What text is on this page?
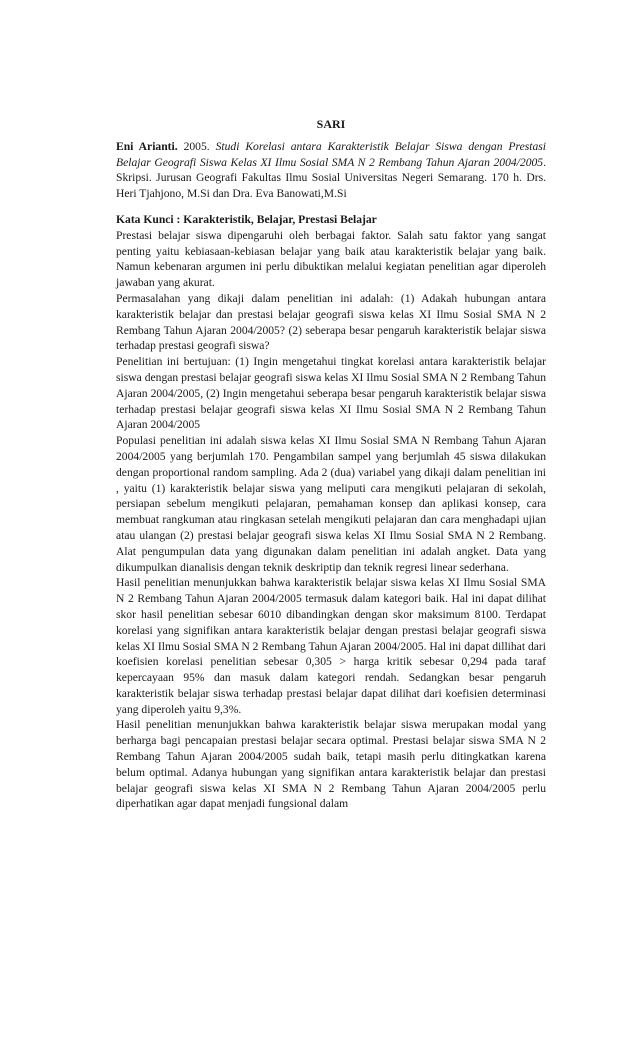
SARI

Eni Arianti. 2005. Studi Korelasi antara Karakteristik Belajar Siswa dengan Prestasi Belajar Geografi Siswa Kelas XI Ilmu Sosial SMA N 2 Rembang Tahun Ajaran 2004/2005. Skripsi. Jurusan Geografi Fakultas Ilmu Sosial Universitas Negeri Semarang. 170 h. Drs. Heri Tjahjono, M.Si dan Dra. Eva Banowati,M.Si

Kata Kunci : Karakteristik, Belajar, Prestasi Belajar

Prestasi belajar siswa dipengaruhi oleh berbagai faktor. Salah satu faktor yang sangat penting yaitu kebiasaan-kebiasan belajar yang baik atau karakteristik belajar yang baik. Namun kebenaran argumen ini perlu dibuktikan melalui kegiatan penelitian agar diperoleh jawaban yang akurat.

Permasalahan yang dikaji dalam penelitian ini adalah: (1) Adakah hubungan antara karakteristik belajar dan prestasi belajar geografi siswa kelas XI Ilmu Sosial SMA N 2 Rembang Tahun Ajaran 2004/2005? (2) seberapa besar pengaruh karakteristik belajar siswa terhadap prestasi geografi siswa?

Penelitian ini bertujuan: (1) Ingin mengetahui tingkat korelasi antara karakteristik belajar siswa dengan prestasi belajar geografi siswa kelas XI Ilmu Sosial SMA N 2 Rembang Tahun Ajaran 2004/2005, (2) Ingin mengetahui seberapa besar pengaruh karakteristik belajar siswa terhadap prestasi belajar geografi siswa kelas XI Ilmu Sosial SMA N 2 Rembang Tahun Ajaran 2004/2005

Populasi penelitian ini adalah siswa kelas XI Ilmu Sosial SMA N Rembang Tahun Ajaran 2004/2005 yang berjumlah 170. Pengambilan sampel yang berjumlah 45 siswa dilakukan dengan proportional random sampling. Ada 2 (dua) variabel yang dikaji dalam penelitian ini , yaitu (1) karakteristik belajar siswa yang meliputi cara mengikuti pelajaran di sekolah, persiapan sebelum mengikuti pelajaran, pemahaman konsep dan aplikasi konsep, cara membuat rangkuman atau ringkasan setelah mengikuti pelajaran dan cara menghadapi ujian atau ulangan (2) prestasi belajar geografi siswa kelas XI Ilmu Sosial SMA N 2 Rembang. Alat pengumpulan data yang digunakan dalam penelitian ini adalah angket. Data yang dikumpulkan dianalisis dengan teknik deskriptip dan teknik regresi linear sederhana.

Hasil penelitian menunjukkan bahwa karakteristik belajar siswa kelas XI Ilmu Sosial SMA N 2 Rembang Tahun Ajaran 2004/2005 termasuk dalam kategori baik. Hal ini dapat dilihat skor hasil penelitian sebesar 6010 dibandingkan dengan skor maksimum 8100. Terdapat korelasi yang signifikan antara karakteristik belajar dengan prestasi belajar geografi siswa kelas XI Ilmu Sosial SMA N 2 Rembang Tahun Ajaran 2004/2005. Hal ini dapat dillihat dari koefisien korelasi penelitian sebesar 0,305 > harga kritik sebesar 0,294 pada taraf kepercayaan 95% dan masuk dalam kategori rendah. Sedangkan besar pengaruh karakteristik belajar siswa terhadap prestasi belajar dapat dilihat dari koefisien determinasi yang diperoleh yaitu 9,3%.

Hasil penelitian menunjukkan bahwa karakteristik belajar siswa merupakan modal yang berharga bagi pencapaian prestasi belajar secara optimal. Prestasi belajar siswa SMA N 2 Rembang Tahun Ajaran 2004/2005 sudah baik, tetapi masih perlu ditingkatkan karena belum optimal. Adanya hubungan yang signifikan antara karakteristik belajar dan prestasi belajar geografi siswa kelas XI SMA N 2 Rembang Tahun Ajaran 2004/2005 perlu diperhatikan agar dapat menjadi fungsional dalam
